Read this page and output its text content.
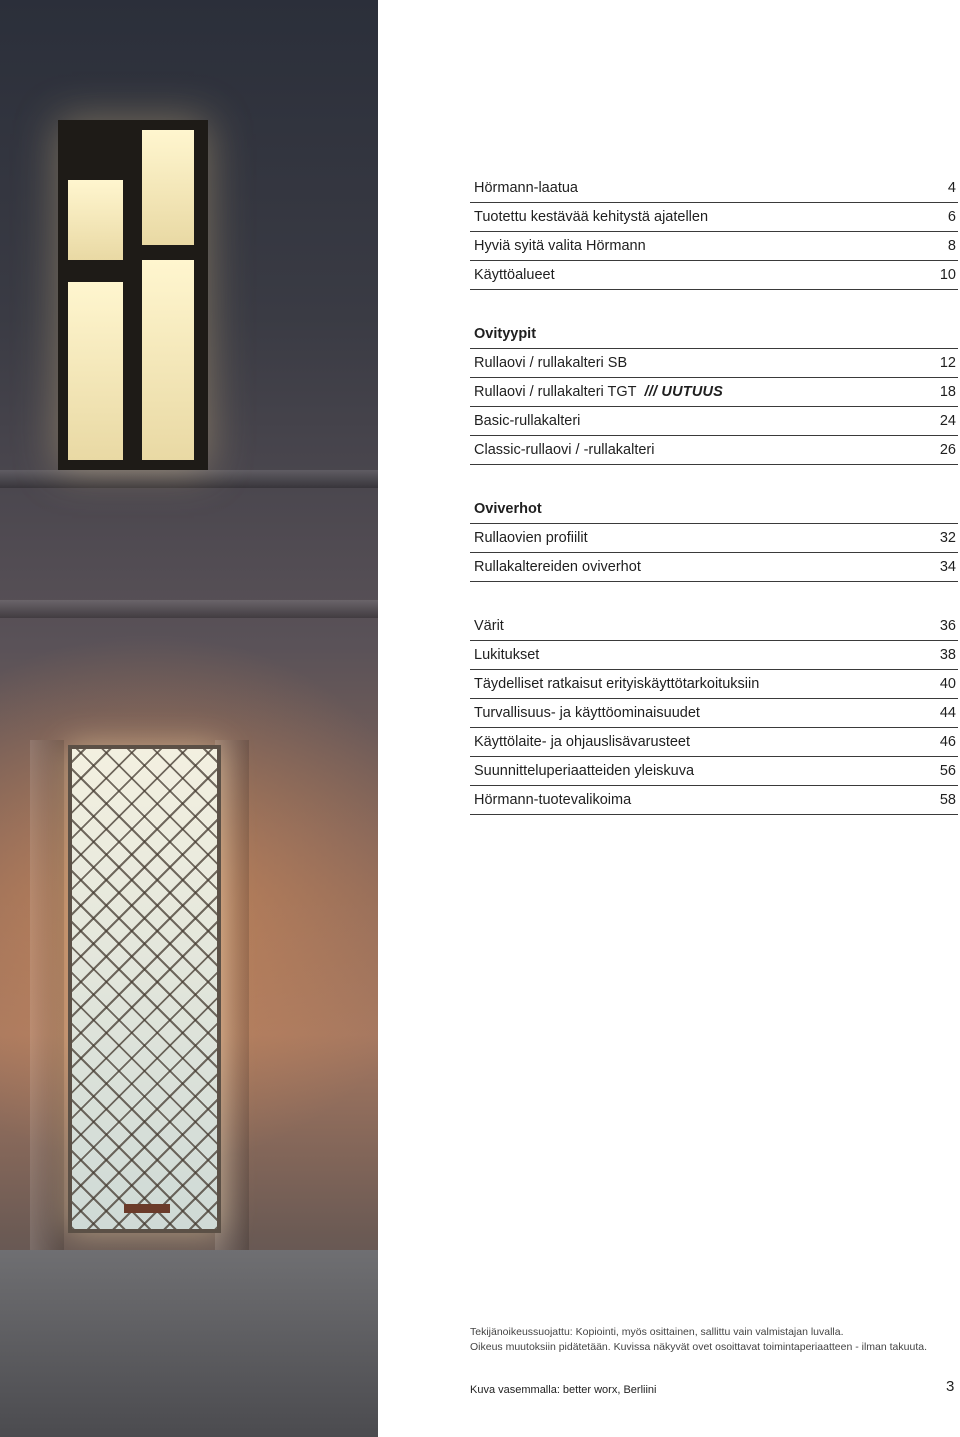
Hörmann-laatua	4
Tuotettu kestävää kehitystä ajatellen	6
Hyviä syitä valita Hörmann	8
Käyttöalueet	10
Ovityypit
Rullaovi / rullakalteri SB	12
Rullaovi / rullakalteri TGT /// UUTUUS	18
Basic-rullakalteri	24
Classic-rullaovi / -rullakalteri	26
Oviverhot
Rullaovien profiilit	32
Rullakaltereiden oviverhot	34
Värit	36
Lukitukset	38
Täydelliset ratkaisut erityiskäyttötarkoituksiin	40
Turvallisuus- ja käyttöominaisuudet	44
Käyttölaite- ja ohjauslisävarusteet	46
Suunnitteluperiaatteiden yleiskuva	56
Hörmann-tuotevalikoima	58
Tekijänoikeussuojattu: Kopiointi, myös osittainen, sallittu vain valmistajan luvalla.
Oikeus muutoksiin pidätetään. Kuvissa näkyvät ovet osoittavat toimintaperiaatteen - ilman takuuta.
Kuva vasemmalla: better worx, Berliini	3
